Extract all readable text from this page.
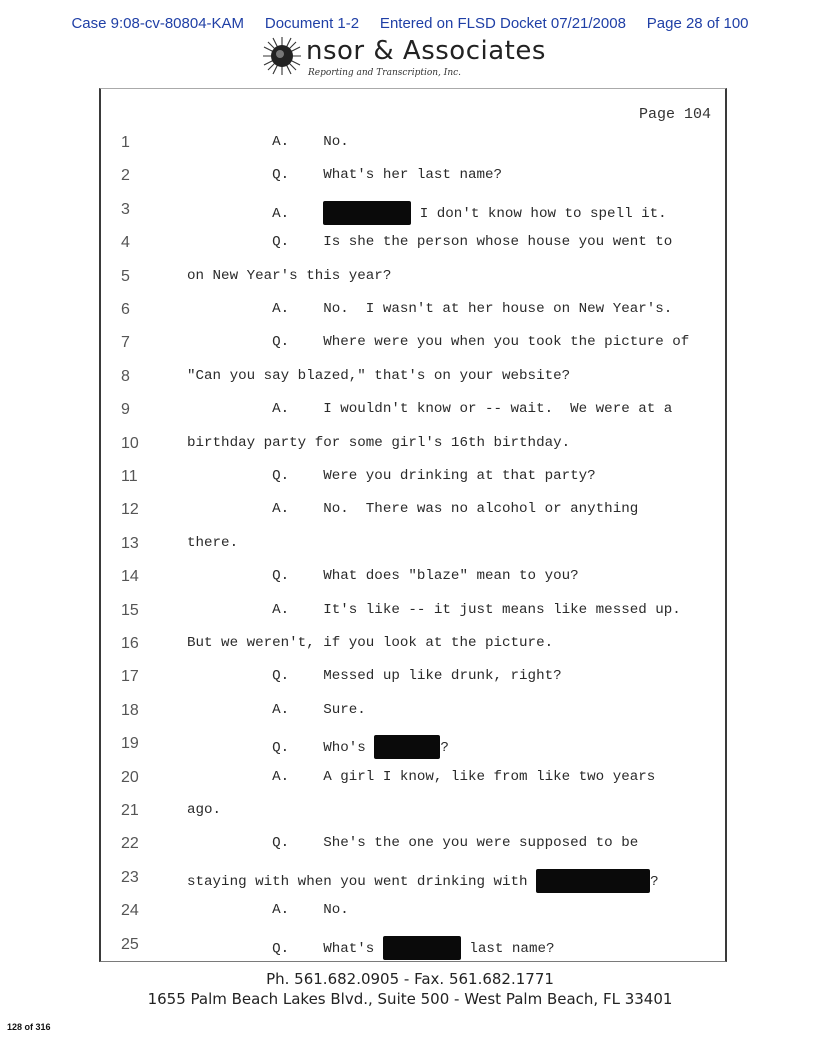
Case 9:08-cv-80804-KAM     Document 1-2     Entered on FLSD Docket 07/21/2008     Page 28 of 100
nsor & Associates
Reporting and Transcription, Inc.
Page 104
1	A.    No.
2	Q.    What's her last name?
3	A.	I don't know how to spell it.
4	Q.    Is she the person whose house you went to
5	on New Year's this year?
6	A.    No.  I wasn't at her house on New Year's.
7	Q.    Where were you when you took the picture of
8	"Can you say blazed," that's on your website?
9	A.    I wouldn't know or -- wait.  We were at a
10	birthday party for some girl's 16th birthday.
11	Q.    Were you drinking at that party?
12	A.    No.  There was no alcohol or anything
13	there.
14	Q.    What does "blaze" mean to you?
15	A.    It's like -- it just means like messed up.
16	But we weren't, if you look at the picture.
17	Q.    Messed up like drunk, right?
18	A.    Sure.
19	Q.    Who's	?
20	A.    A girl I know, like from like two years
21	ago.
22	Q.    She's the one you were supposed to be
23	staying with when you went drinking with	?
24	A.    No.
25	Q.    What's	last name?
Ph. 561.682.0905 - Fax. 561.682.1771
1655 Palm Beach Lakes Blvd., Suite 500 - West Palm Beach, FL 33401
128 of 316
